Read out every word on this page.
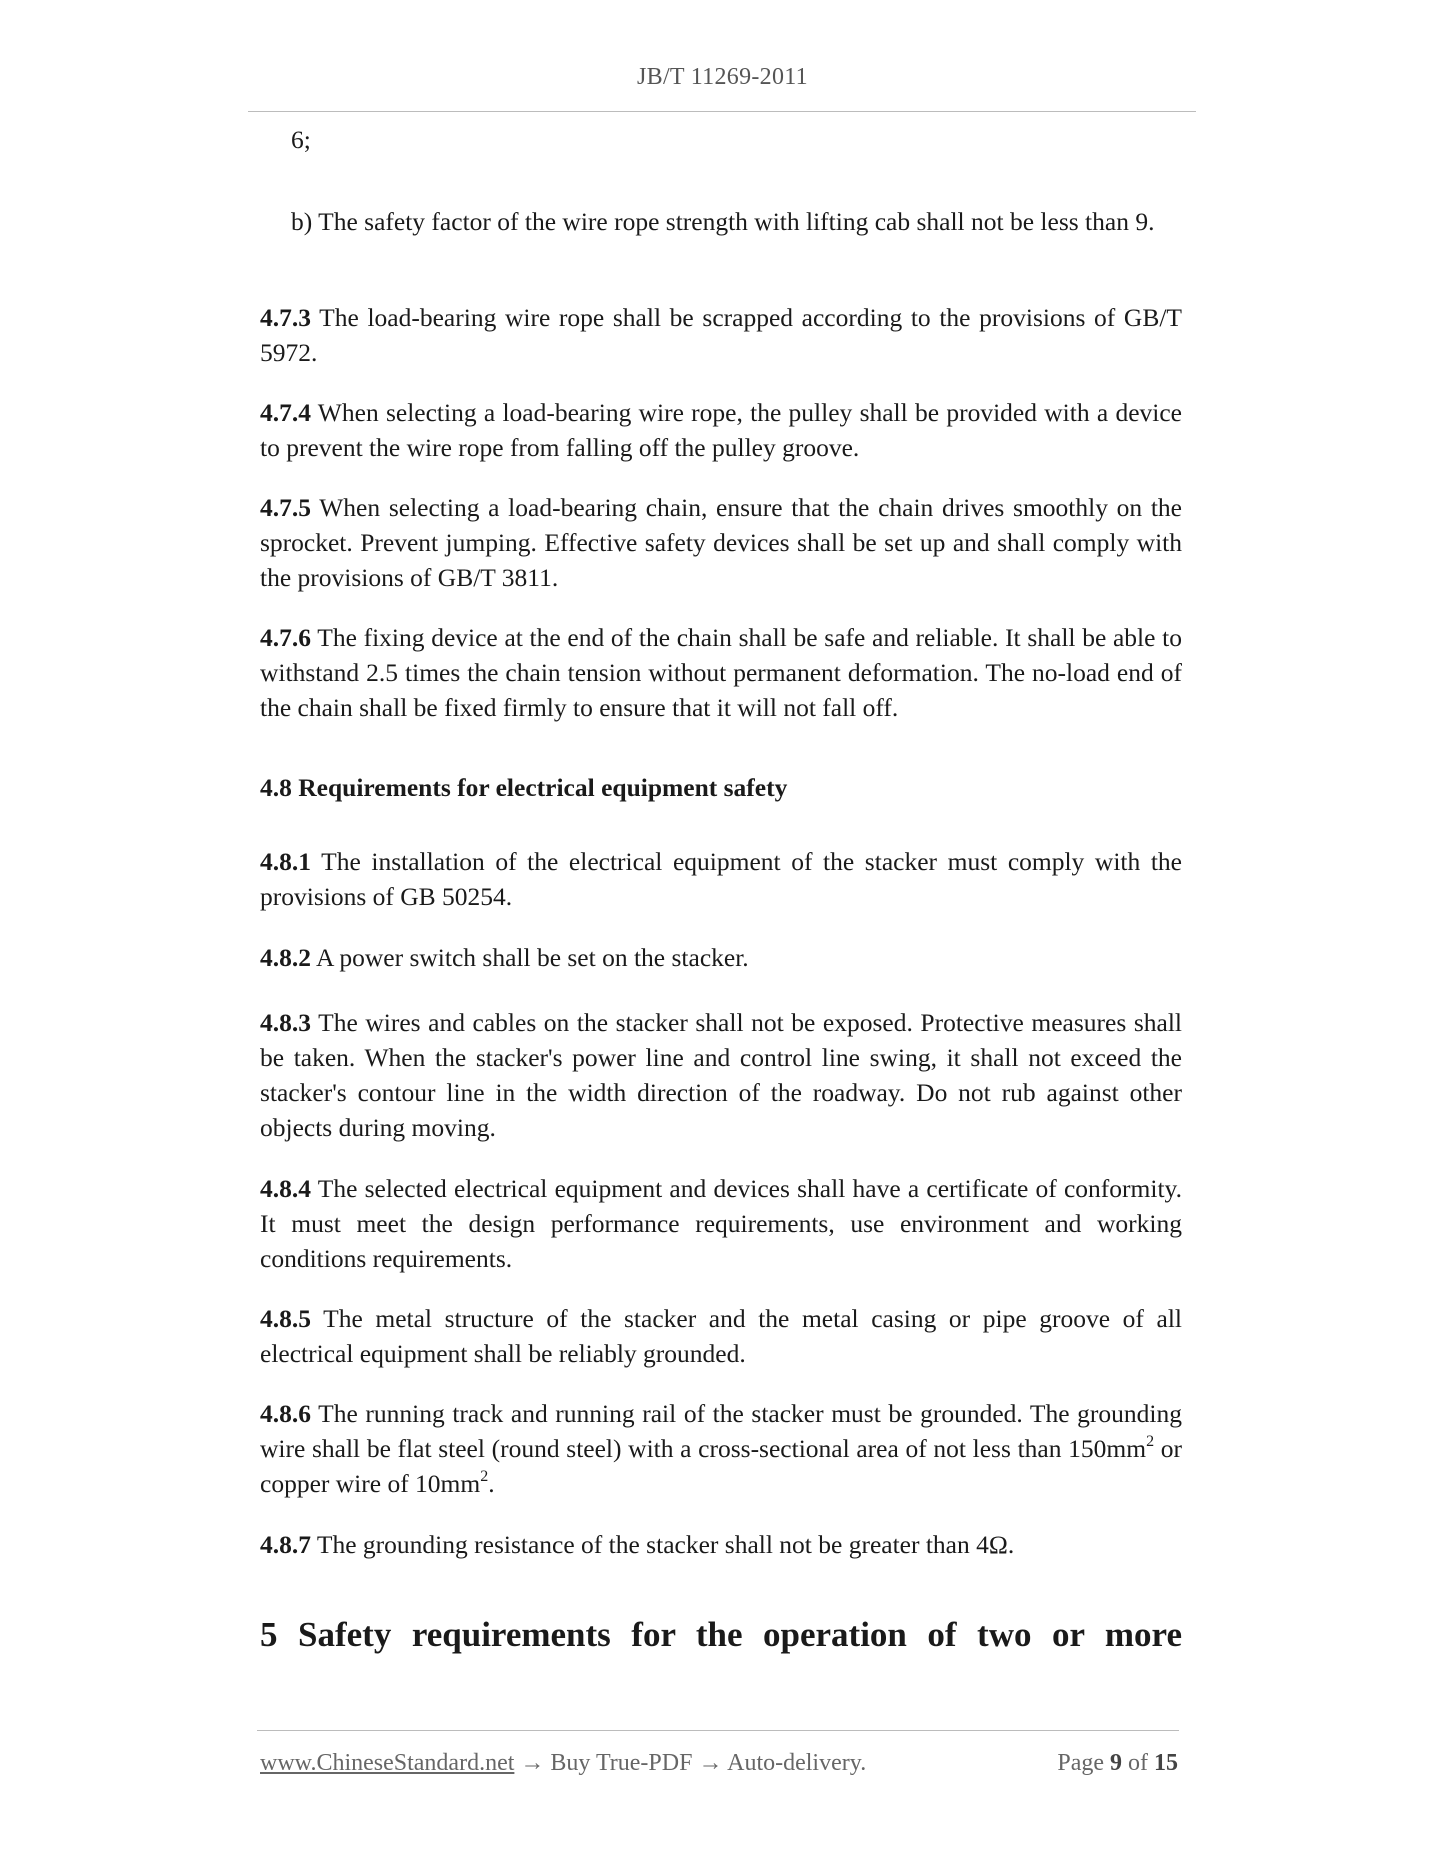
JB/T 11269-2011
6;
b) The safety factor of the wire rope strength with lifting cab shall not be less than 9.
4.7.3 The load-bearing wire rope shall be scrapped according to the provisions of GB/T 5972.
4.7.4 When selecting a load-bearing wire rope, the pulley shall be provided with a device to prevent the wire rope from falling off the pulley groove.
4.7.5 When selecting a load-bearing chain, ensure that the chain drives smoothly on the sprocket. Prevent jumping. Effective safety devices shall be set up and shall comply with the provisions of GB/T 3811.
4.7.6 The fixing device at the end of the chain shall be safe and reliable. It shall be able to withstand 2.5 times the chain tension without permanent deformation. The no-load end of the chain shall be fixed firmly to ensure that it will not fall off.
4.8 Requirements for electrical equipment safety
4.8.1 The installation of the electrical equipment of the stacker must comply with the provisions of GB 50254.
4.8.2 A power switch shall be set on the stacker.
4.8.3 The wires and cables on the stacker shall not be exposed. Protective measures shall be taken. When the stacker's power line and control line swing, it shall not exceed the stacker's contour line in the width direction of the roadway. Do not rub against other objects during moving.
4.8.4 The selected electrical equipment and devices shall have a certificate of conformity. It must meet the design performance requirements, use environment and working conditions requirements.
4.8.5 The metal structure of the stacker and the metal casing or pipe groove of all electrical equipment shall be reliably grounded.
4.8.6 The running track and running rail of the stacker must be grounded. The grounding wire shall be flat steel (round steel) with a cross-sectional area of not less than $150mm^2$ or copper wire of $10mm^2$.
4.8.7 The grounding resistance of the stacker shall not be greater than 4Ω.
5 Safety requirements for the operation of two or more
www.ChineseStandard.net → Buy True-PDF → Auto-delivery.	Page 9 of 15
